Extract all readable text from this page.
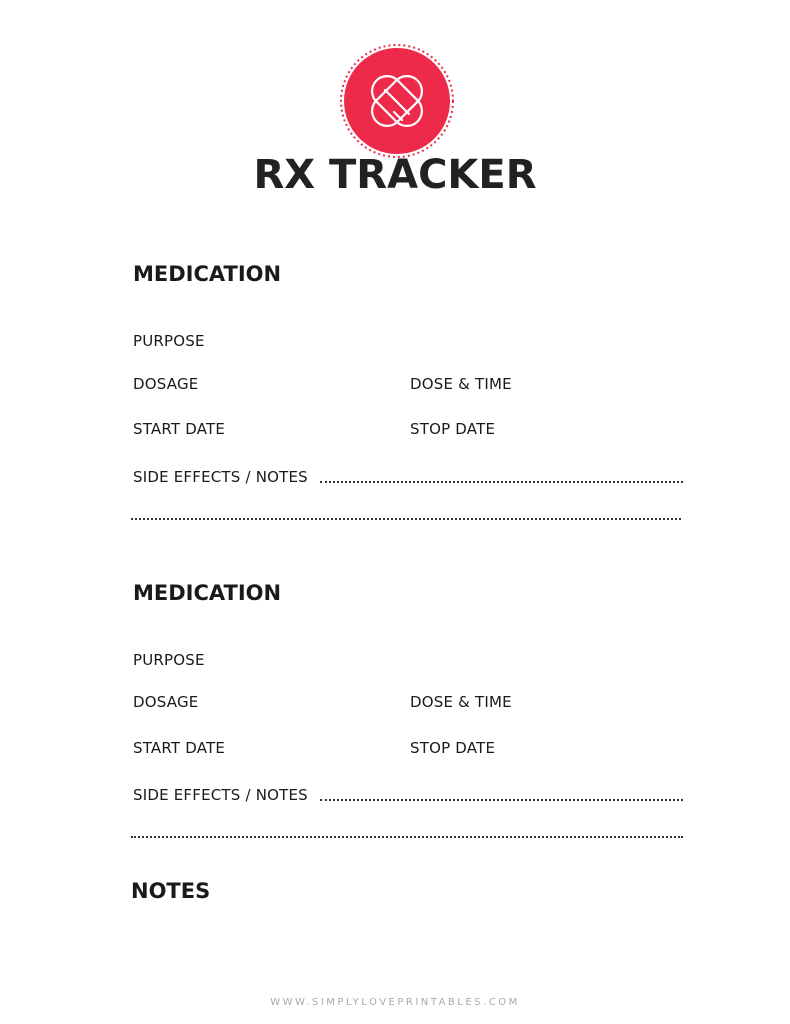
RX TRACKER
MEDICATION
PURPOSE
DOSAGE	DOSE & TIME
START DATE	STOP DATE
SIDE EFFECTS / NOTES
MEDICATION
PURPOSE
DOSAGE	DOSE & TIME
START DATE	STOP DATE
SIDE EFFECTS / NOTES
NOTES
WWW.SIMPLYLOVEPRINTABLES.COM
